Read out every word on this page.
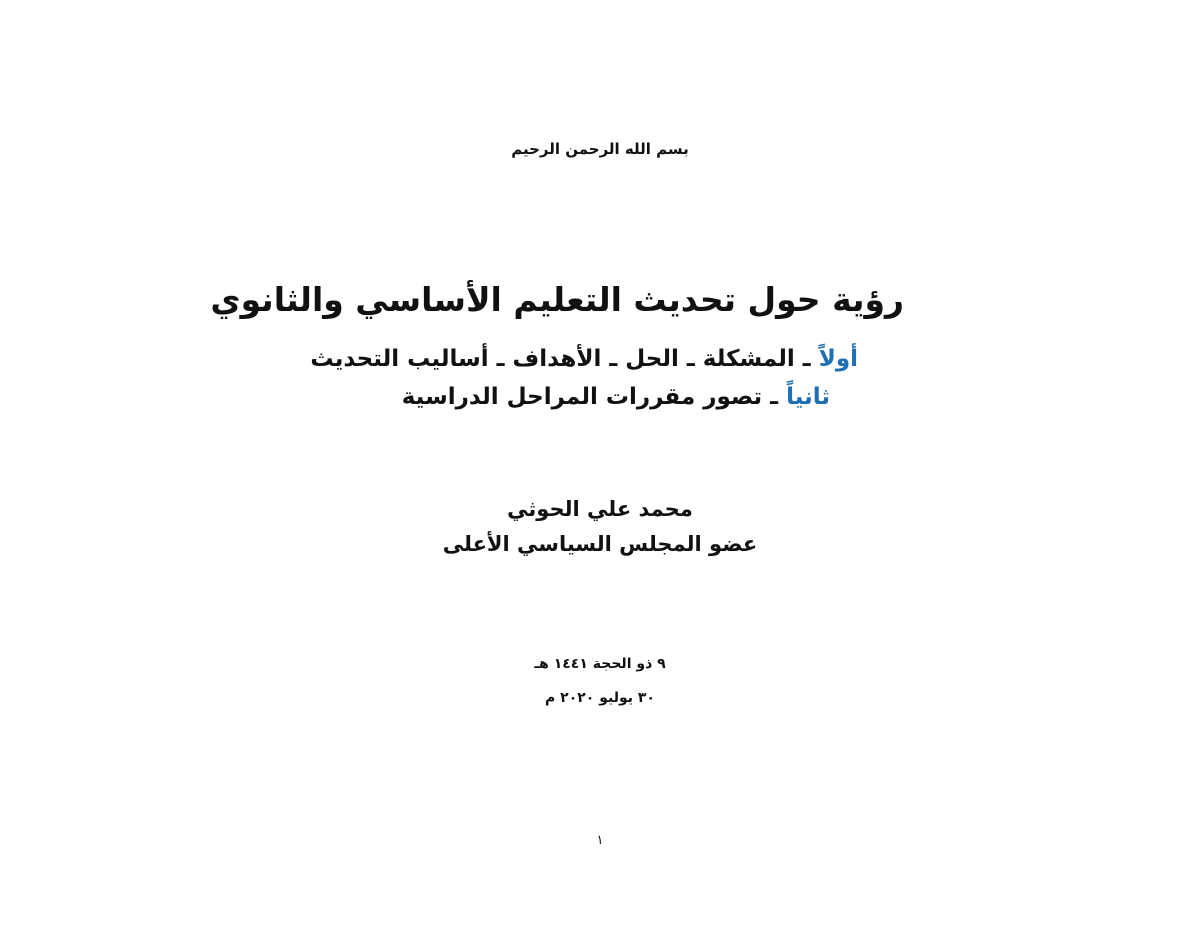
بسم الله الرحمن الرحيم
رؤية حول تحديث التعليم الأساسي والثانوي
أولاً ـ المشكلة ـ الحل ـ الأهداف ـ أساليب التحديث
ثانياً ـ تصور مقررات المراحل الدراسية
محمد علي الحوثي
عضو المجلس السياسي الأعلى
٩ ذو الحجة ١٤٤١ هـ
٣٠ يوليو ٢٠٢٠ م
١
